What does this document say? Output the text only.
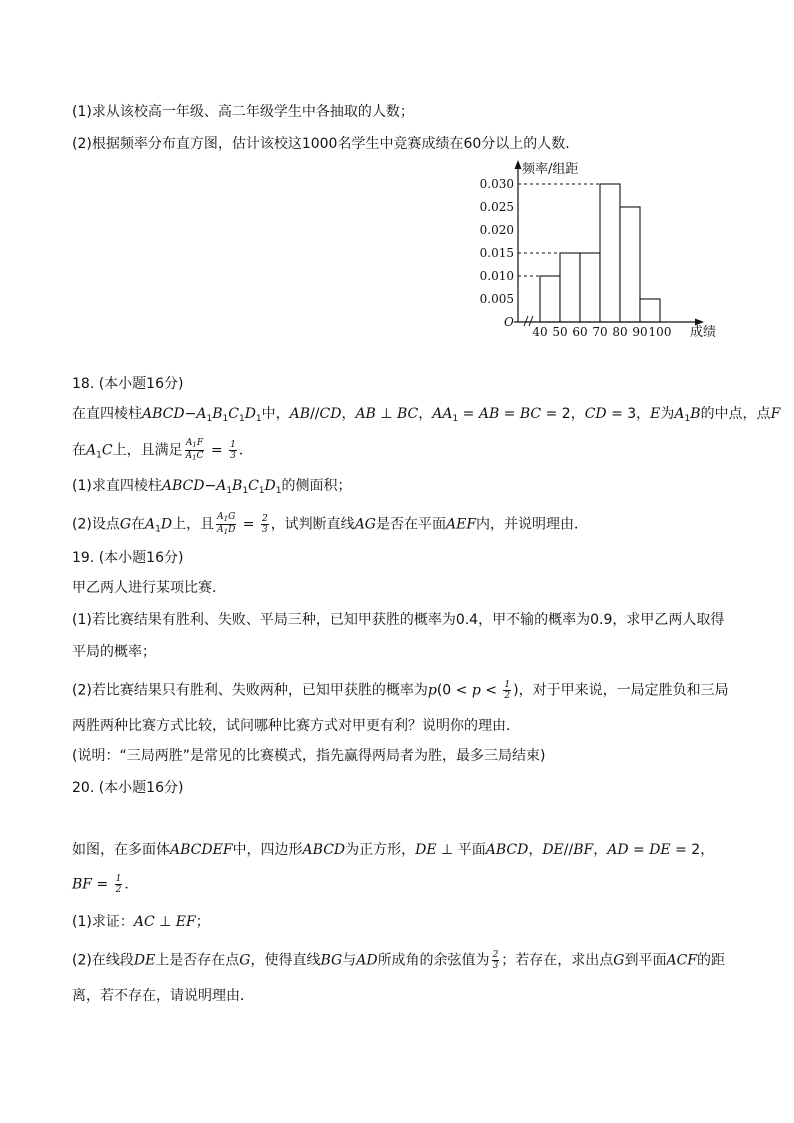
(1)求从该校高一年级、高二年级学生中各抽取的人数；
(2)根据频率分布直方图，估计该校这1000名学生中竞赛成绩在60分以上的人数．
频率/组距
成绩
O
0.005
0.010
0.015
0.020
0.025
0.030
40 50 60 70 80 90 100
18. (本小题16分)
在直四棱柱$ABCD-A_1B_1C_1D_1$中，AB//CD，AB ⊥ BC，$AA_1$ = AB = BC = 2，CD = 3，E为$A_1B$的中点，点F
在$A_1C$上，且满足 $\frac{A_1F}{A_1C} = \frac{1}{3}$ ．
(1)求直四棱柱$ABCD-A_1B_1C_1D_1$的侧面积；
(2)设点G在$A_1D$上，且 $\frac{A_1G}{A_1D} = \frac{2}{3}$ ，试判断直线AG是否在平面AEF内，并说明理由．
19. (本小题16分)
甲乙两人进行某项比赛．
(1)若比赛结果有胜利、失败、平局三种，已知甲获胜的概率为0.4，甲不输的概率为0.9，求甲乙两人取得
平局的概率；
(2)若比赛结果只有胜利、失败两种，已知甲获胜的概率为$p(0 < p < \frac{1}{2}$ )，对于甲来说，一局定胜负和三局
两胜两种比赛方式比较，试问哪种比赛方式对甲更有利？说明你的理由．
(说明：“三局两胜”是常见的比赛模式，指先赢得两局者为胜，最多三局结束)
20. (本小题16分)
如图，在多面体ABCDEF中，四边形ABCD为正方形，DE ⊥ 平面ABCD，DE//BF，AD = DE = 2，
BF = $\frac{1}{2}$ ．
(1)求证：AC ⊥ EF；
(2)在线段DE上是否存在点G，使得直线BG与AD所成角的余弦值为 $\frac{2}{3}$ ；若存在，求出点G到平面ACF的距
离，若不存在，请说明理由．
